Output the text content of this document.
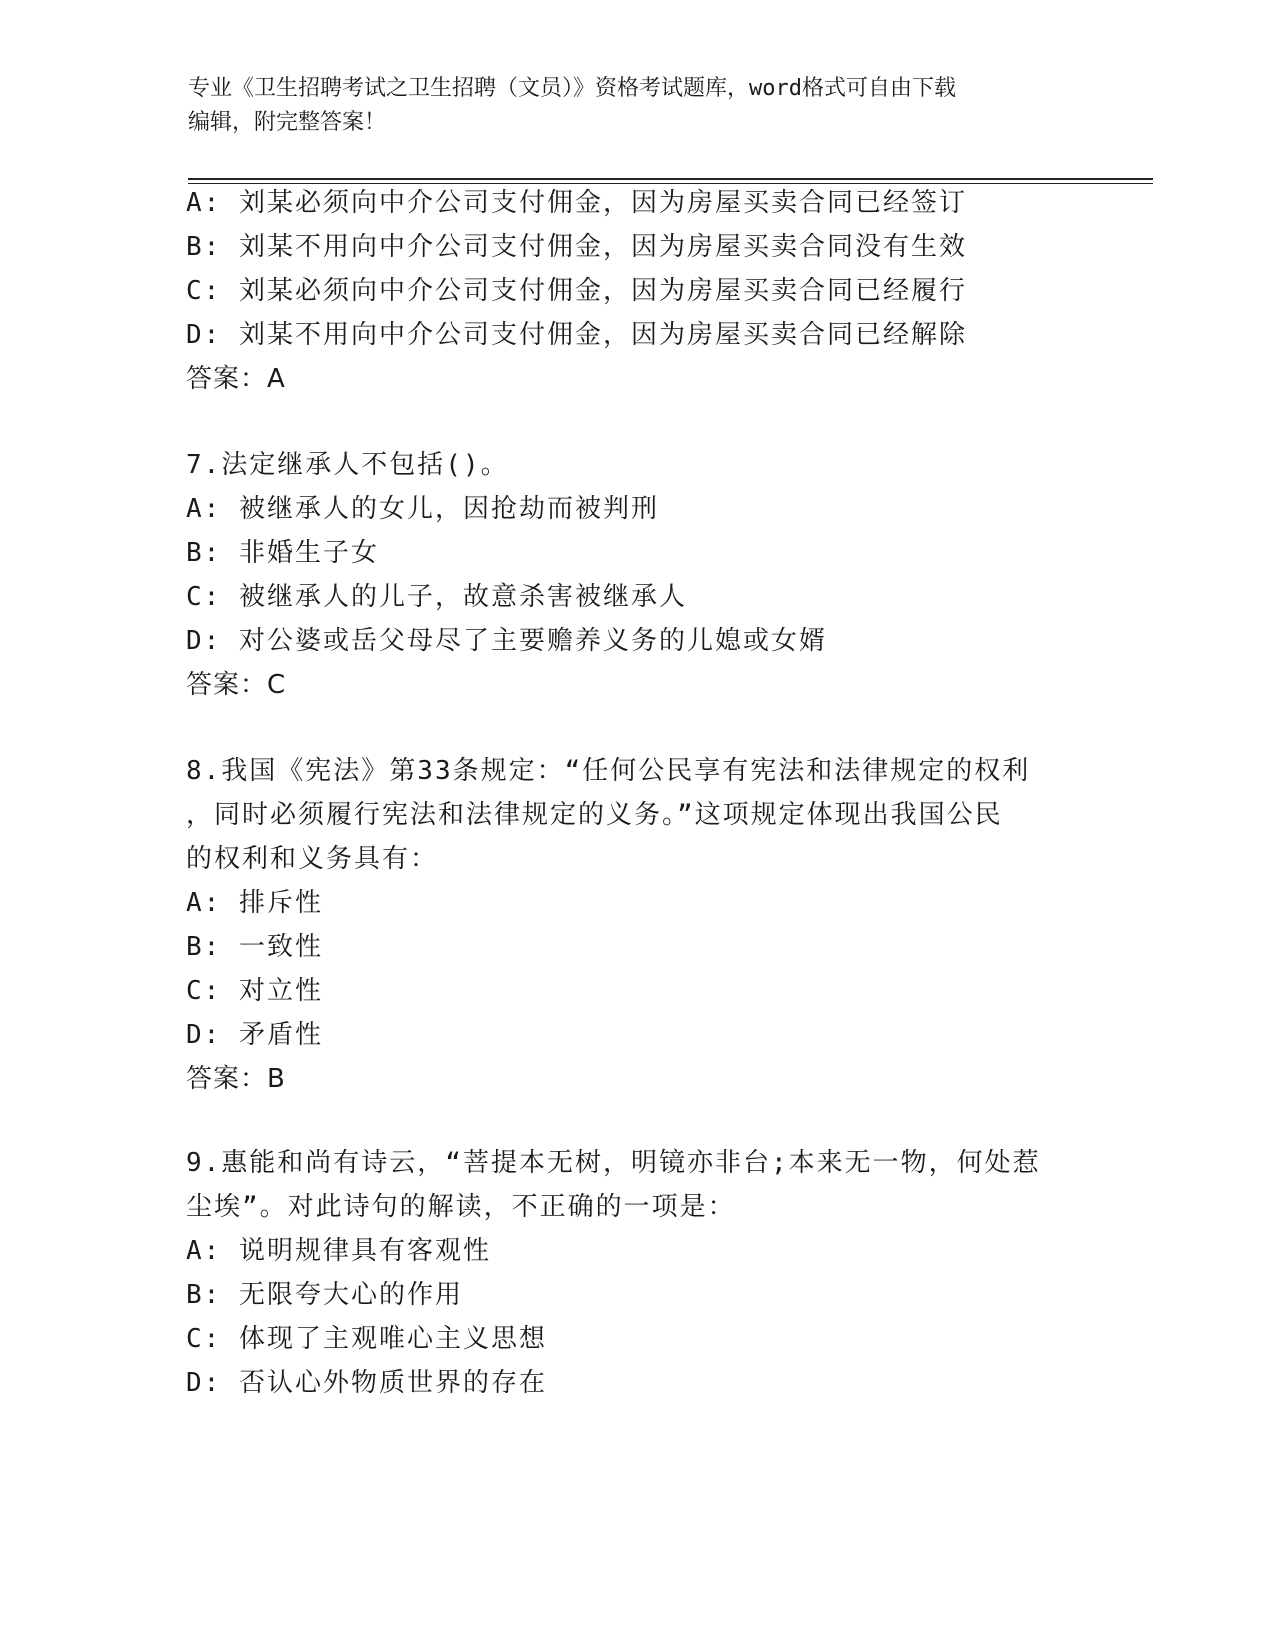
专业《卫生招聘考试之卫生招聘（文员）》资格考试题库，word格式可自由下载
编辑，附完整答案！
A: 刘某必须向中介公司支付佣金，因为房屋买卖合同已经签订
B: 刘某不用向中介公司支付佣金，因为房屋买卖合同没有生效
C: 刘某必须向中介公司支付佣金，因为房屋买卖合同已经履行
D: 刘某不用向中介公司支付佣金，因为房屋买卖合同已经解除
答案：A
7.法定继承人不包括()。
A: 被继承人的女儿，因抢劫而被判刑
B: 非婚生子女
C: 被继承人的儿子，故意杀害被继承人
D: 对公婆或岳父母尽了主要赡养义务的儿媳或女婿
答案：C
8.我国《宪法》第33条规定：“任何公民享有宪法和法律规定的权利
，同时必须履行宪法和法律规定的义务。”这项规定体现出我国公民
的权利和义务具有：
A: 排斥性
B: 一致性
C: 对立性
D: 矛盾性
答案：B
9.惠能和尚有诗云，“菩提本无树，明镜亦非台;本来无一物，何处惹
尘埃”。对此诗句的解读，不正确的一项是：
A: 说明规律具有客观性
B: 无限夸大心的作用
C: 体现了主观唯心主义思想
D: 否认心外物质世界的存在
